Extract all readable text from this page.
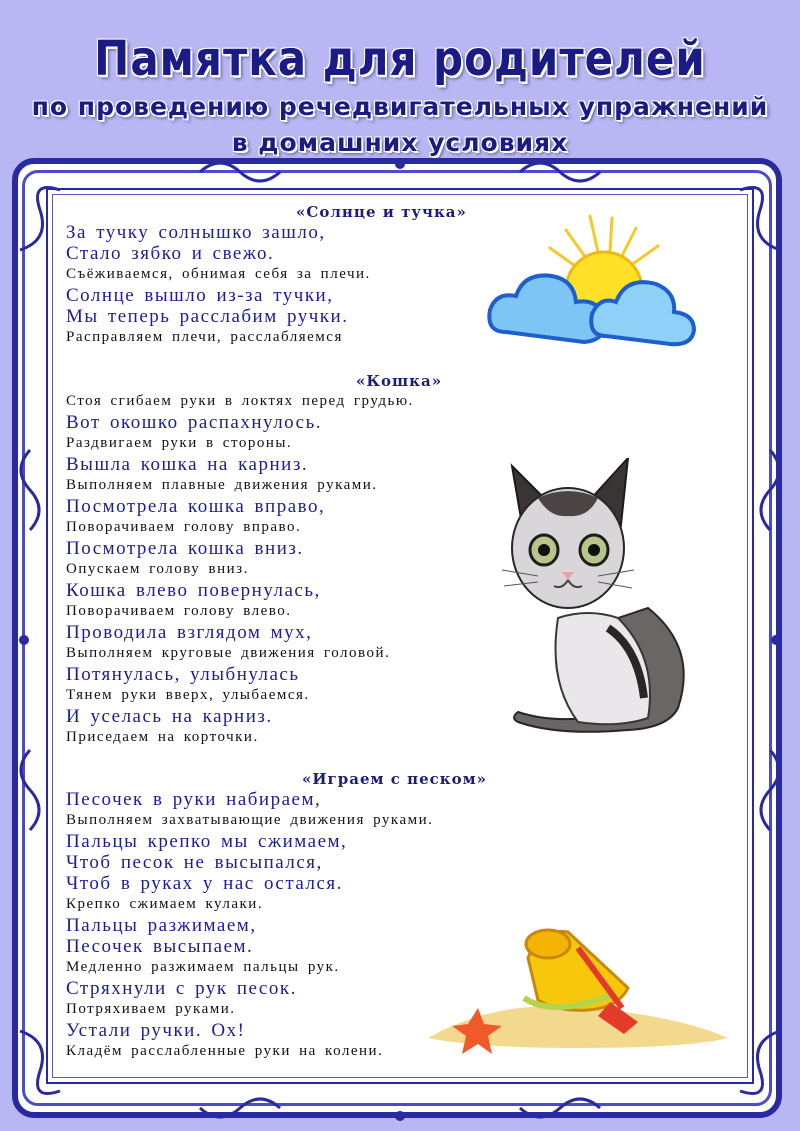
Памятка для родителей
по проведению речедвигательных упражнений
в домашних условиях

«Солнце и тучка»

За тучку солнышко зашло,

Стало зябко и свежо.

Съёживаемся, обнимая себя за плечи.

Солнце вышло из-за тучки,

Мы теперь расслабим ручки.

Расправляем плечи, расслабляемся

«Кошка»

Стоя сгибаем руки в локтях перед грудью.

Вот окошко распахнулось.

Раздвигаем руки в стороны.

Вышла кошка на карниз.

Выполняем плавные движения руками.

Посмотрела кошка вправо,

Поворачиваем голову вправо.

Посмотрела кошка вниз.

Опускаем голову вниз.

Кошка влево повернулась,

Поворачиваем голову влево.

Проводила взглядом мух,

Выполняем круговые движения головой.

Потянулась, улыбнулась

Тянем руки вверх, улыбаемся.

И уселась на карниз.

Приседаем на корточки.

«Играем с песком»

Песочек в руки набираем,

Выполняем захватывающие движения руками.

Пальцы крепко мы сжимаем,

Чтоб песок не высыпался,

Чтоб в руках у нас остался.

Крепко сжимаем кулаки.

Пальцы разжимаем,

Песочек высыпаем.

Медленно разжимаем пальцы рук.

Стряхнули с рук песок.

Потряхиваем руками.

Устали ручки. Ох!

Кладём расслабленные руки на колени.
